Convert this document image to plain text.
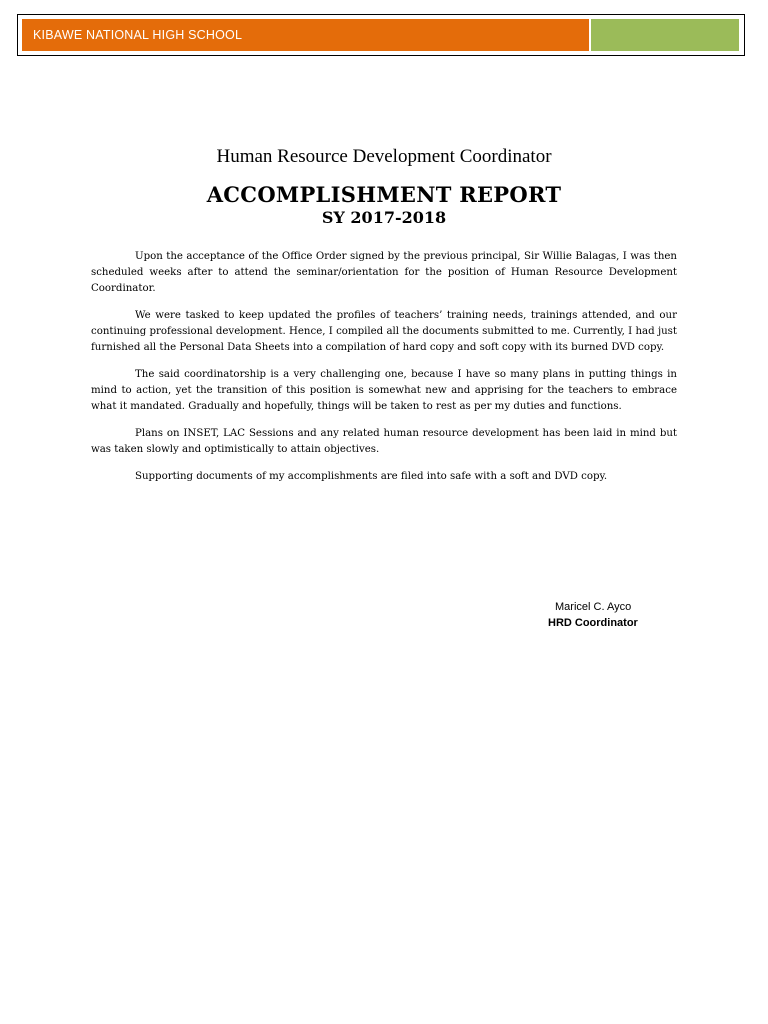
KIBAWE NATIONAL HIGH SCHOOL
Human Resource Development Coordinator
ACCOMPLISHMENT REPORT
SY 2017-2018

Upon the acceptance of the Office Order signed by the previous principal, Sir Willie Balagas, I was then scheduled weeks after to attend the seminar/orientation for the position of Human Resource Development Coordinator.

We were tasked to keep updated the profiles of teachers’ training needs, trainings attended, and our continuing professional development. Hence, I compiled all the documents submitted to me. Currently, I had just furnished all the Personal Data Sheets into a compilation of hard copy and soft copy with its burned DVD copy.

The said coordinatorship is a very challenging one, because I have so many plans in putting things in mind to action, yet the transition of this position is somewhat new and apprising for the teachers to embrace what it mandated. Gradually and hopefully, things will be taken to rest as per my duties and functions.

Plans on INSET, LAC Sessions and any related human resource development has been laid in mind but was taken slowly and optimistically to attain objectives.

Supporting documents of my accomplishments are filed into safe with a soft and DVD copy.

Maricel C. Ayco
HRD Coordinator
